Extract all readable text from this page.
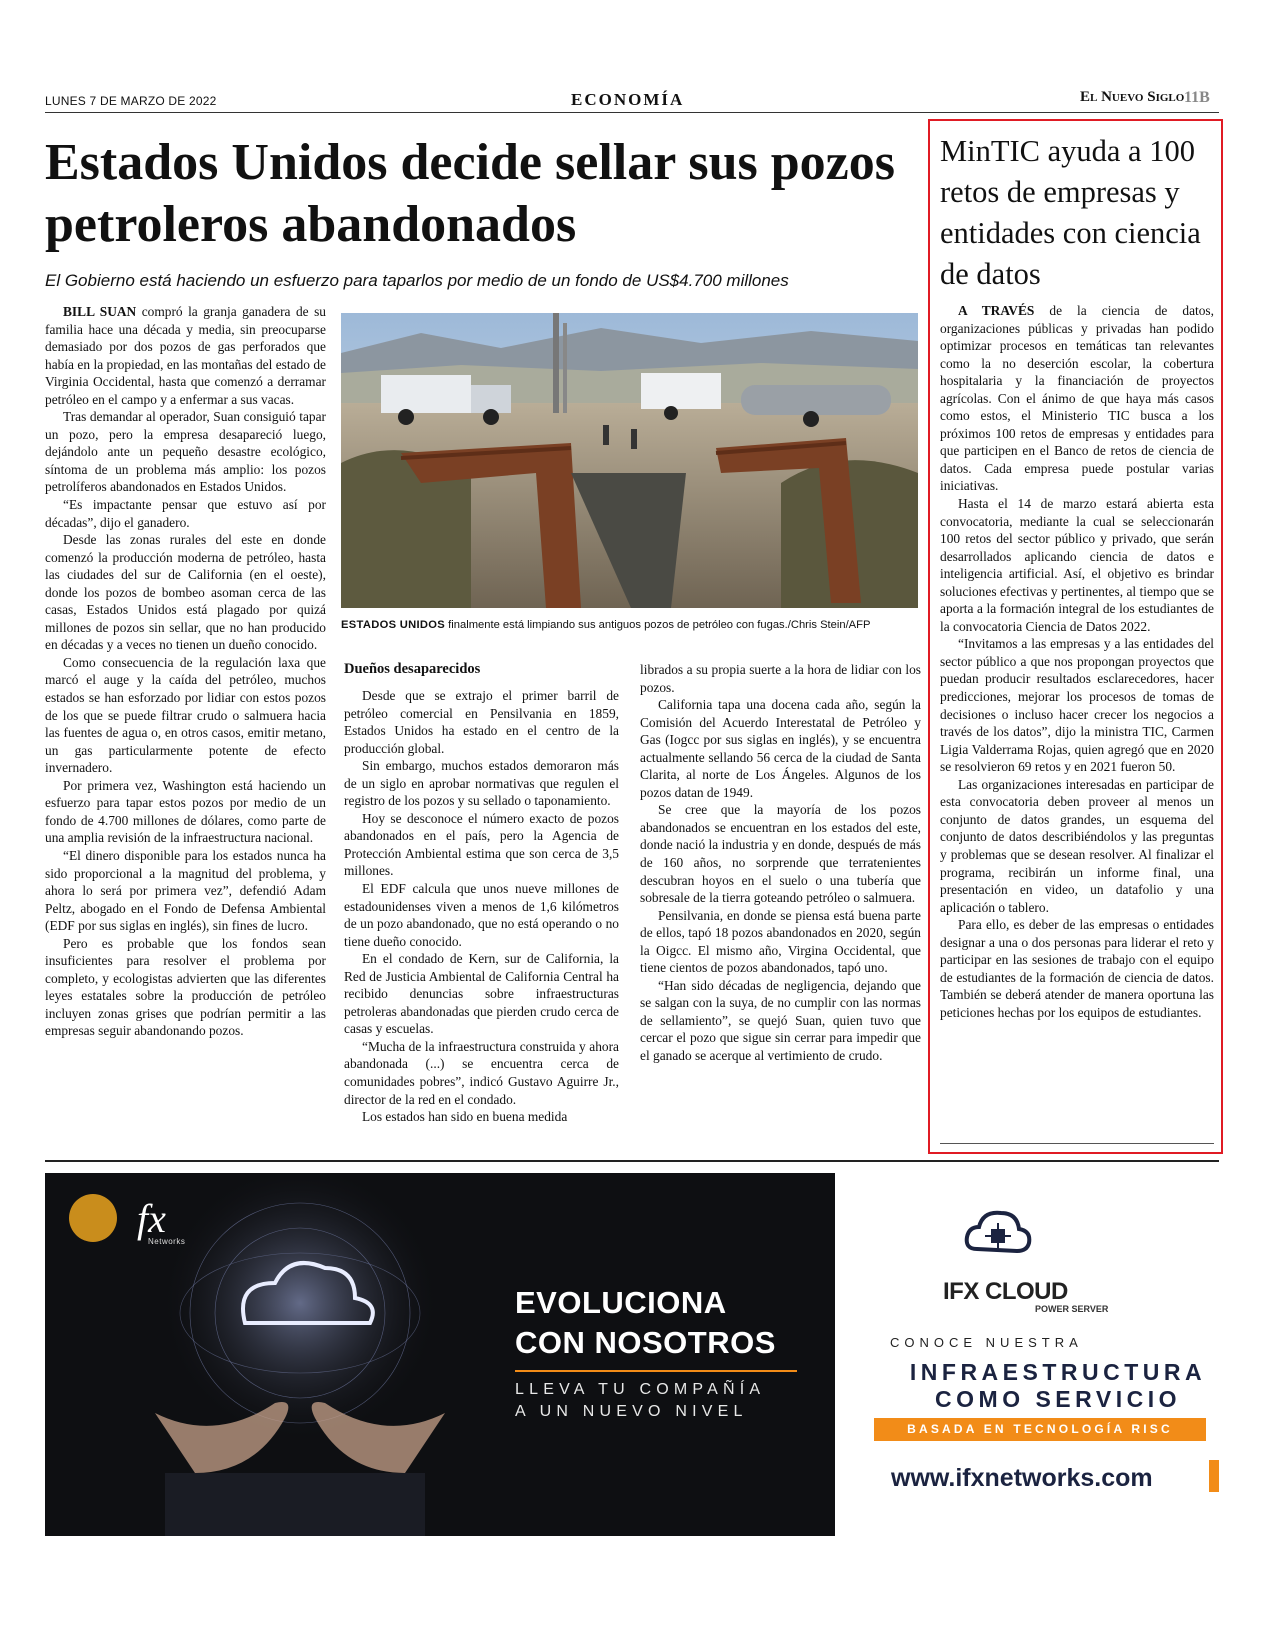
LUNES 7 DE MARZO DE 2022	ECONOMÍA	El Nuevo Siglo 11B
Estados Unidos decide sellar sus pozos petroleros abandonados
El Gobierno está haciendo un esfuerzo para taparlos por medio de un fondo de US$4.700 millones

BILL SUAN compró la granja ganadera de su familia hace una década y media, sin preocuparse demasiado por dos pozos de gas perforados que había en la propiedad, en las montañas del estado de Virginia Occidental, hasta que comenzó a derramar petróleo en el campo y a enfermar a sus vacas.

Tras demandar al operador, Suan consiguió tapar un pozo, pero la empresa desapareció luego, dejándolo ante un pequeño desastre ecológico, síntoma de un problema más amplio: los pozos petrolíferos abandonados en Estados Unidos.

“Es impactante pensar que estuvo así por décadas”, dijo el ganadero.

Desde las zonas rurales del este en donde comenzó la producción moderna de petróleo, hasta las ciudades del sur de California (en el oeste), donde los pozos de bombeo asoman cerca de las casas, Estados Unidos está plagado por quizá millones de pozos sin sellar, que no han producido en décadas y a veces no tienen un dueño conocido.

Como consecuencia de la regulación laxa que marcó el auge y la caída del petróleo, muchos estados se han esforzado por lidiar con estos pozos de los que se puede filtrar crudo o salmuera hacia las fuentes de agua o, en otros casos, emitir metano, un gas particularmente potente de efecto invernadero.

Por primera vez, Washington está haciendo un esfuerzo para tapar estos pozos por medio de un fondo de 4.700 millones de dólares, como parte de una amplia revisión de la infraestructura nacional.

“El dinero disponible para los estados nunca ha sido proporcional a la magnitud del problema, y ahora lo será por primera vez”, defendió Adam Peltz, abogado en el Fondo de Defensa Ambiental (EDF por sus siglas en inglés), sin fines de lucro.

Pero es probable que los fondos sean insuficientes para resolver el problema por completo, y ecologistas advierten que las diferentes leyes estatales sobre la producción de petróleo incluyen zonas grises que podrían permitir a las empresas seguir abandonando pozos.

ESTADOS UNIDOS finalmente está limpiando sus antiguos pozos de petróleo con fugas./Chris Stein/AFP
Dueños desaparecidos

Desde que se extrajo el primer barril de petróleo comercial en Pensilvania en 1859, Estados Unidos ha estado en el centro de la producción global.

Sin embargo, muchos estados demoraron más de un siglo en aprobar normativas que regulen el registro de los pozos y su sellado o taponamiento.

Hoy se desconoce el número exacto de pozos abandonados en el país, pero la Agencia de Protección Ambiental estima que son cerca de 3,5 millones.

El EDF calcula que unos nueve millones de estadounidenses viven a menos de 1,6 kilómetros de un pozo abandonado, que no está operando o no tiene dueño conocido.

En el condado de Kern, sur de California, la Red de Justicia Ambiental de California Central ha recibido denuncias sobre infraestructuras petroleras abandonadas que pierden crudo cerca de casas y escuelas.

“Mucha de la infraestructura construida y ahora abandonada (...) se encuentra cerca de comunidades pobres”, indicó Gustavo Aguirre Jr., director de la red en el condado.

Los estados han sido en buena medida

librados a su propia suerte a la hora de lidiar con los pozos.

California tapa una docena cada año, según la Comisión del Acuerdo Interestatal de Petróleo y Gas (Iogcc por sus siglas en inglés), y se encuentra actualmente sellando 56 cerca de la ciudad de Santa Clarita, al norte de Los Ángeles. Algunos de los pozos datan de 1949.

Se cree que la mayoría de los pozos abandonados se encuentran en los estados del este, donde nació la industria y en donde, después de más de 160 años, no sorprende que terratenientes descubran hoyos en el suelo o una tubería que sobresale de la tierra goteando petróleo o salmuera.

Pensilvania, en donde se piensa está buena parte de ellos, tapó 18 pozos abandonados en 2020, según la Oigcc. El mismo año, Virgina Occidental, que tiene cientos de pozos abandonados, tapó uno.

“Han sido décadas de negligencia, dejando que se salgan con la suya, de no cumplir con las normas de sellamiento”, se quejó Suan, quien tuvo que cercar el pozo que sigue sin cerrar para impedir que el ganado se acerque al vertimiento de crudo.

MinTIC ayuda a 100 retos de empresas y entidades con ciencia de datos

A TRAVÉS de la ciencia de datos, organizaciones públicas y privadas han podido optimizar procesos en temáticas tan relevantes como la no deserción escolar, la cobertura hospitalaria y la financiación de proyectos agrícolas. Con el ánimo de que haya más casos como estos, el Ministerio TIC busca a los próximos 100 retos de empresas y entidades para que participen en el Banco de retos de ciencia de datos. Cada empresa puede postular varias iniciativas.

Hasta el 14 de marzo estará abierta esta convocatoria, mediante la cual se seleccionarán 100 retos del sector público y privado, que serán desarrollados aplicando ciencia de datos e inteligencia artificial. Así, el objetivo es brindar soluciones efectivas y pertinentes, al tiempo que se aporta a la formación integral de los estudiantes de la convocatoria Ciencia de Datos 2022.

“Invitamos a las empresas y a las entidades del sector público a que nos propongan proyectos que puedan producir resultados esclarecedores, hacer predicciones, mejorar los procesos de tomas de decisiones o incluso hacer crecer los negocios a través de los datos”, dijo la ministra TIC, Carmen Ligia Valderrama Rojas, quien agregó que en 2020 se resolvieron 69 retos y en 2021 fueron 50.

Las organizaciones interesadas en participar de esta convocatoria deben proveer al menos un conjunto de datos grandes, un esquema del conjunto de datos describiéndolos y las preguntas y problemas que se desean resolver. Al finalizar el programa, recibirán un informe final, una presentación en video, un datafolio y una aplicación o tablero.

Para ello, es deber de las empresas o entidades designar a una o dos personas para liderar el reto y participar en las sesiones de trabajo con el equipo de estudiantes de la formación de ciencia de datos. También se deberá atender de manera oportuna las peticiones hechas por los equipos de estudiantes.

fx
Networks
EVOLUCIONA
CON NOSOTROS
LLEVA TU COMPAÑÍA
A UN NUEVO NIVEL
IFX CLOUD
POWER SERVER
CONOCE NUESTRA
INFRAESTRUCTURA
COMO SERVICIO
BASADA EN TECNOLOGÍA RISC
www.ifxnetworks.com
